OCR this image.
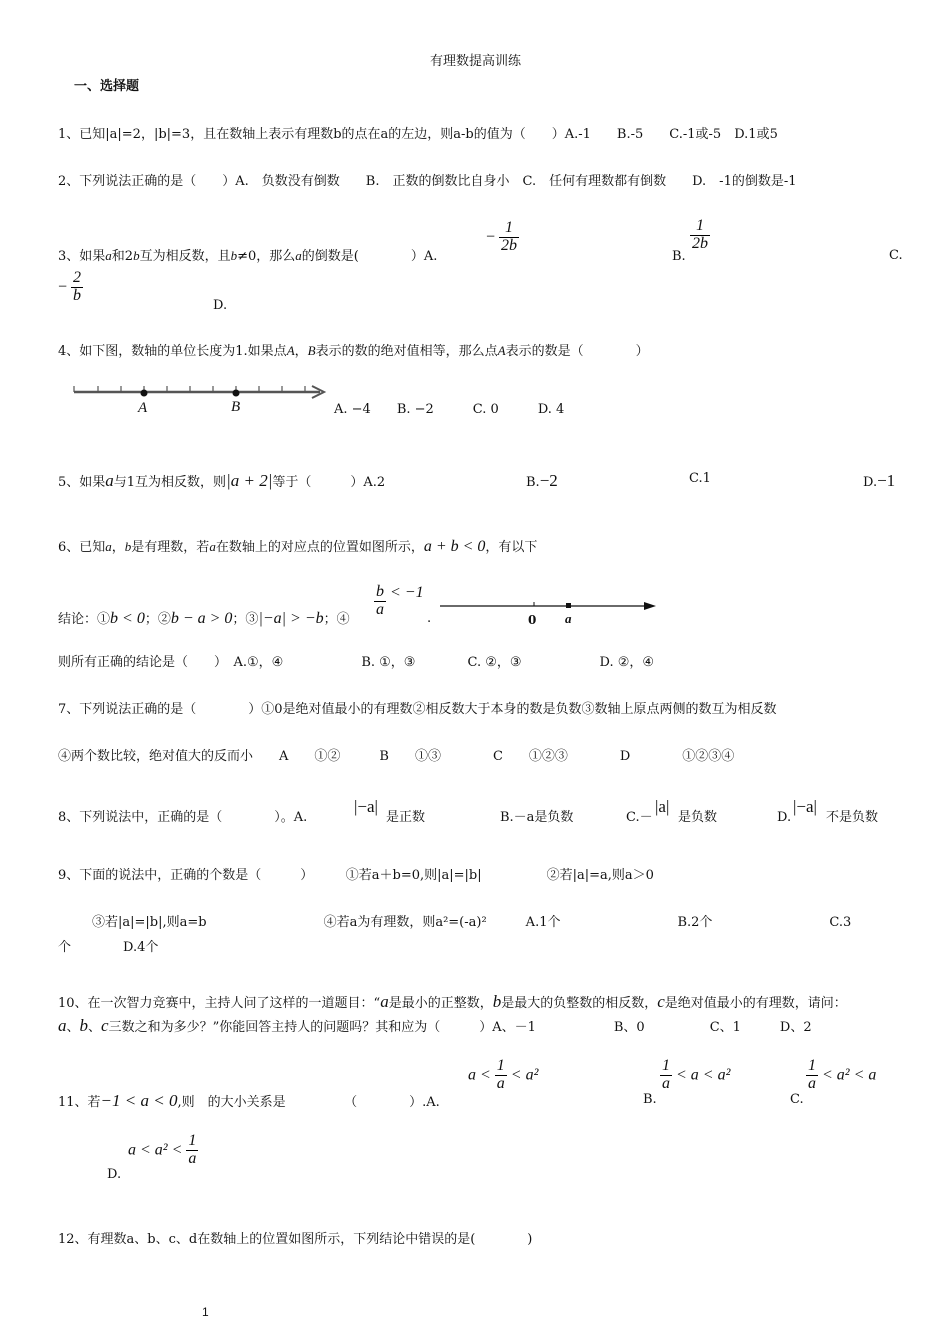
有理数提高训练
一、选择题
1、已知|a|=2，|b|=3，且在数轴上表示有理数b的点在a的左边，则a-b的值为（　　）A.-1　　B.-5　　C.-1或-5　D.1或5
2、下列说法正确的是（　　）A.　负数没有倒数　　B.　正数的倒数比自身小　C.　任何有理数都有倒数　　D.　-1的倒数是-1
3、如果a和2b互为相反数，且b≠0，那么a的倒数是(　　　　）A.
− $\frac{1}{2b}$
B.
$\frac{1}{2b}$
C.
− $\frac{2}{b}$
D.
4、如下图，数轴的单位长度为1.如果点A，B表示的数的绝对值相等，那么点A表示的数是（　　　　）
A	B	A. −4　　B. −2　　　C. 0　　　D. 4
5、如果a与1互为相反数，则|a + 2|等于（　　　）A.2	B.−2	C.1	D.−1
6、已知a，b是有理数，若a在数轴上的对应点的位置如图所示，a + b < 0，有以下
结论：①b < 0；②b − a > 0；③|−a| > −b；④
$\frac{b}{a} < -1$
.	0 a
则所有正确的结论是（　　）　A.①，④　　　　　　B. ①，③　　　　C. ②，③　　　　　　D. ②，④
7、下列说法正确的是（　　　　）①0是绝对值最小的有理数②相反数大于本身的数是负数③数轴上原点两侧的数互为相反数
④两个数比较，绝对值大的反而小　　A　　①②　　　B　　①③　　　　C　　①②③　　　　D　　　　①②③④
8、下列说法中，正确的是（　　　　）。A.
|−a|
是正数	B.－a是负数	C.－
|a|
是负数	D.
|−a|
不是负数
9、下面的说法中，正确的个数是（　　　）　　　①若a＋b=0,则|a|=|b|　　　　　②若|a|=a,则a＞0
③若|a|=|b|,则a=b　　　　　　　　　④若a为有理数，则a²=(-a)²　　　A.1个　　　　　　　　　B.2个　　　　　　　　　C.3
个　　　　D.4个
10、在一次智力竞赛中，主持人问了这样的一道题目：“a是最小的正整数，b是最大的负整数的相反数，c是绝对值最小的有理数，请问：
a、b、c三数之和为多少？”你能回答主持人的问题吗？其和应为（　　　）A、－1　　　　　　B、0　　　　　C、1　　　D、2
11、若−1 < a < 0,则　的大小关系是　　　　　（　　　　）.A.
$a < \frac{1}{a} < a^2$
B.
$\frac{1}{a} < a < a^2$
C.
$\frac{1}{a} < a^2 < a$
D.
$a < a^2 < \frac{1}{a}$
12、有理数a、b、c、d在数轴上的位置如图所示，下列结论中错误的是(　　　　)
1
